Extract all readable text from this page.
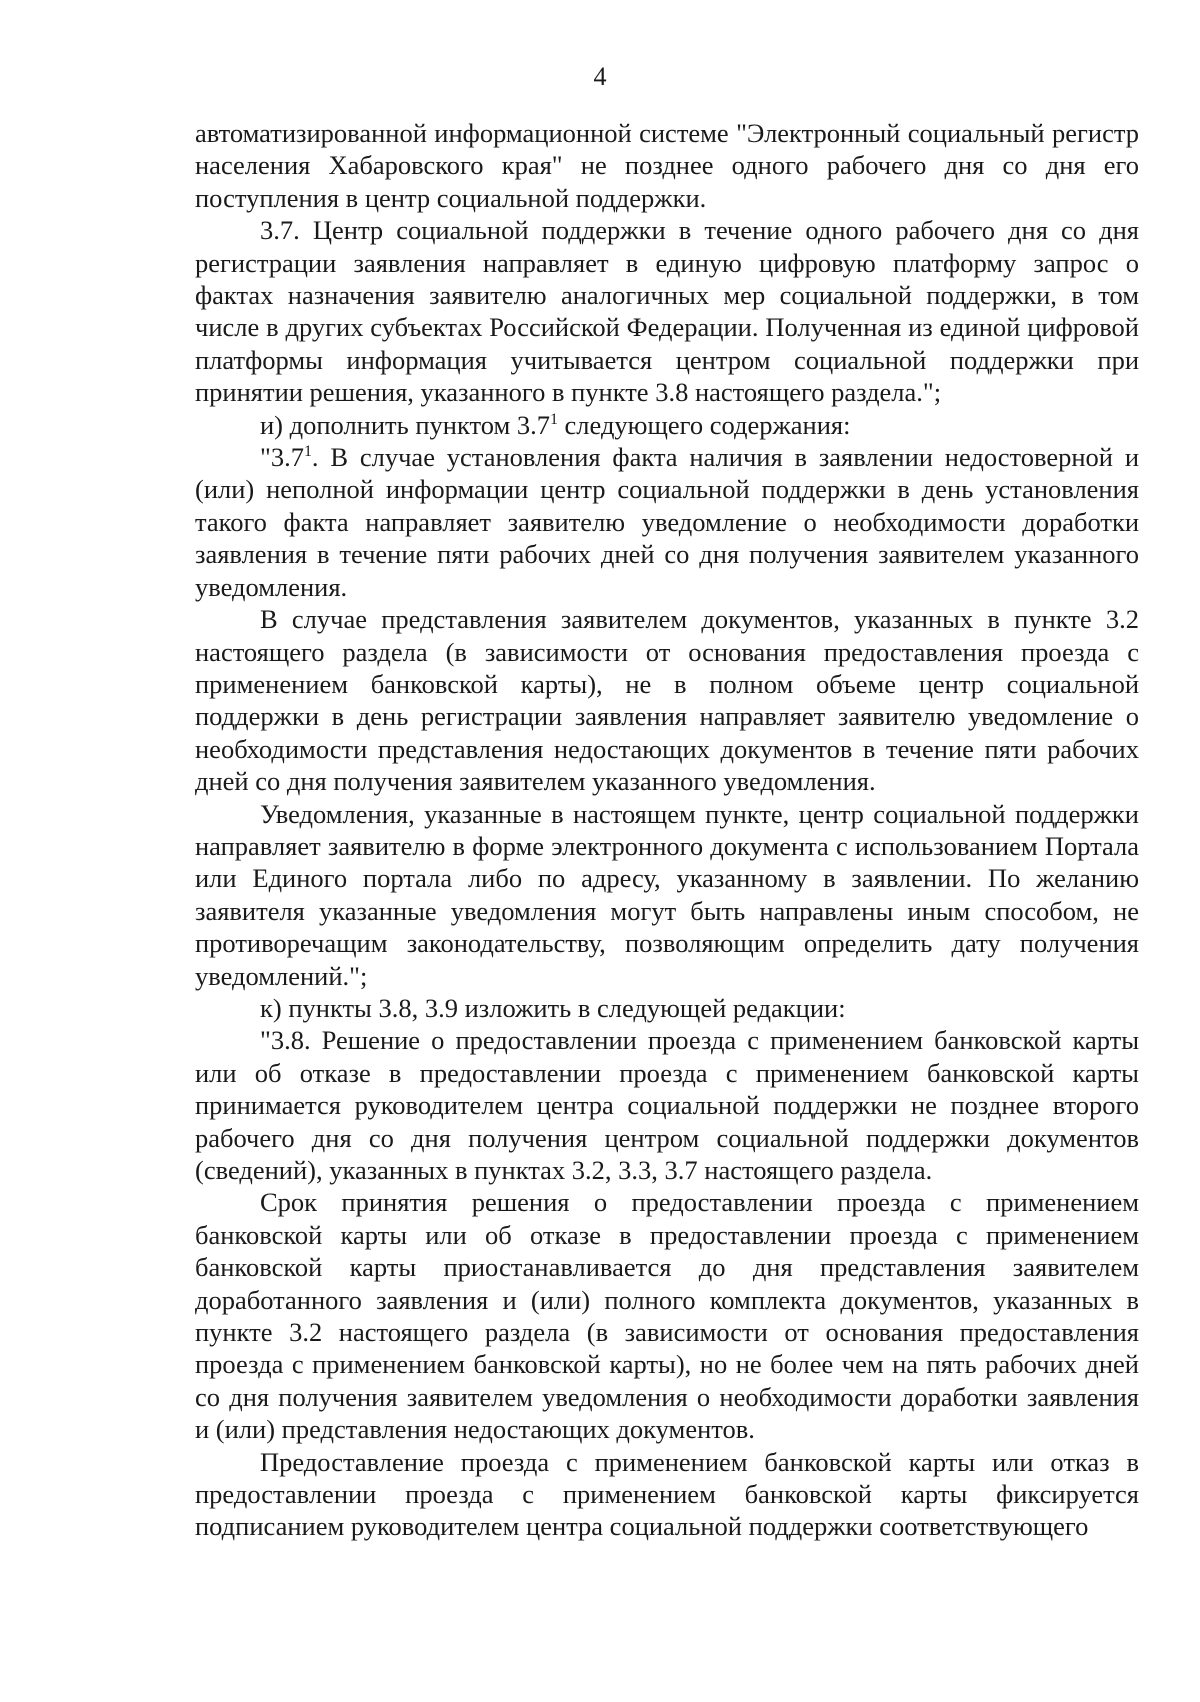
4

автоматизированной информационной системе "Электронный социальный регистр населения Хабаровского края" не позднее одного рабочего дня со дня его поступления в центр социальной поддержки.

3.7. Центр социальной поддержки в течение одного рабочего дня со дня регистрации заявления направляет в единую цифровую платформу запрос о фактах назначения заявителю аналогичных мер социальной поддержки, в том числе в других субъектах Российской Федерации. Полученная из единой цифровой платформы информация учитывается центром социальной поддержки при принятии решения, указанного в пункте 3.8 настоящего раздела.";

и) дополнить пунктом $3.7^1$ следующего содержания:

"$3.7^1$. В случае установления факта наличия в заявлении недостоверной и (или) неполной информации центр социальной поддержки в день установления такого факта направляет заявителю уведомление о необходимости доработки заявления в течение пяти рабочих дней со дня получения заявителем указанного уведомления.

В случае представления заявителем документов, указанных в пункте 3.2 настоящего раздела (в зависимости от основания предоставления проезда с применением банковской карты), не в полном объеме центр социальной поддержки в день регистрации заявления направляет заявителю уведомление о необходимости представления недостающих документов в течение пяти рабочих дней со дня получения заявителем указанного уведомления.

Уведомления, указанные в настоящем пункте, центр социальной поддержки направляет заявителю в форме электронного документа с использованием Портала или Единого портала либо по адресу, указанному в заявлении. По желанию заявителя указанные уведомления могут быть направлены иным способом, не противоречащим законодательству, позволяющим определить дату получения уведомлений.";

к) пункты 3.8, 3.9 изложить в следующей редакции:

"3.8. Решение о предоставлении проезда с применением банковской карты или об отказе в предоставлении проезда с применением банковской карты принимается руководителем центра социальной поддержки не позднее второго рабочего дня со дня получения центром социальной поддержки документов (сведений), указанных в пунктах 3.2, 3.3, 3.7 настоящего раздела.

Срок принятия решения о предоставлении проезда с применением банковской карты или об отказе в предоставлении проезда с применением банковской карты приостанавливается до дня представления заявителем доработанного заявления и (или) полного комплекта документов, указанных в пункте 3.2 настоящего раздела (в зависимости от основания предоставления проезда с применением банковской карты), но не более чем на пять рабочих дней со дня получения заявителем уведомления о необходимости доработки заявления и (или) представления недостающих документов.

Предоставление проезда с применением банковской карты или отказ в предоставлении проезда с применением банковской карты фиксируется подписанием руководителем центра социальной поддержки соответствующего
